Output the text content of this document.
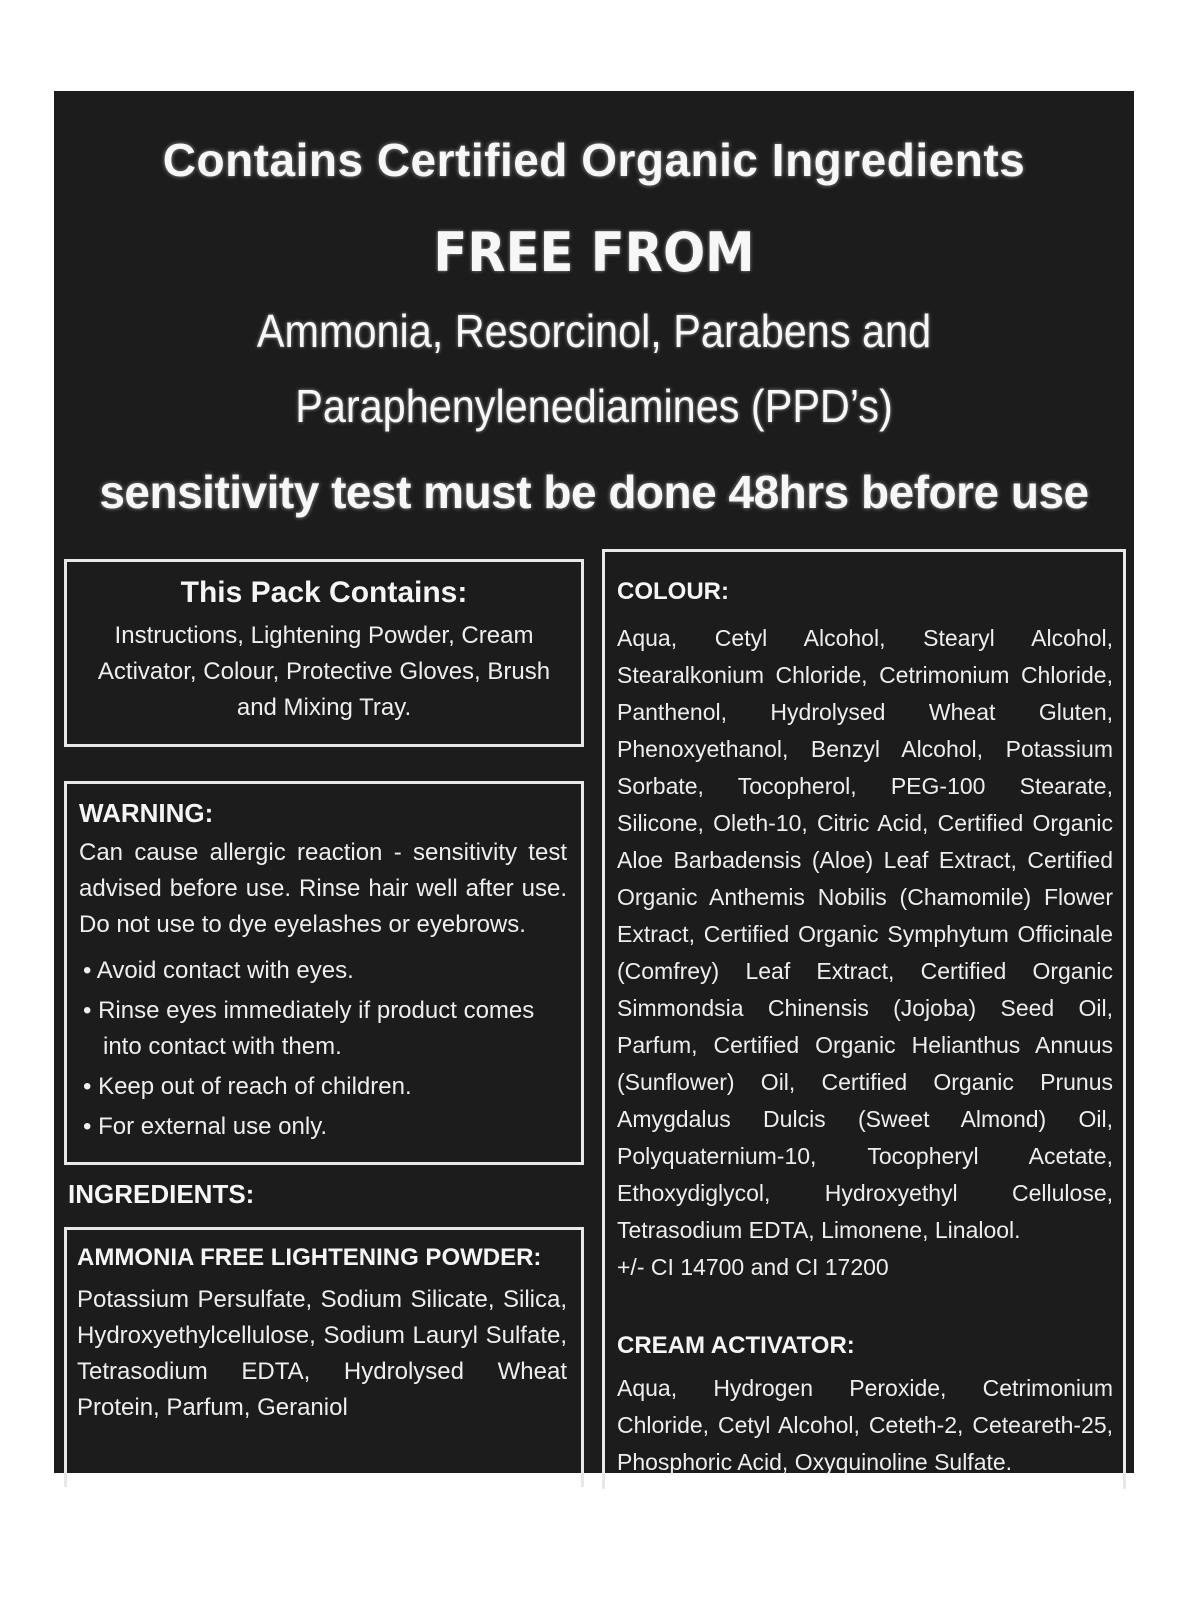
Contains Certified Organic Ingredients
FREE FROM
Ammonia, Resorcinol, Parabens and
Paraphenylenediamines (PPD’s)
sensitivity test must be done 48hrs before use
This Pack Contains:
Instructions, Lightening Powder, Cream Activator, Colour, Protective Gloves, Brush and Mixing Tray.
WARNING:
Can cause allergic reaction - sensitivity test advised before use. Rinse hair well after use. Do not use to dye eyelashes or eyebrows.
• Avoid contact with eyes.
• Rinse eyes immediately if product comes into contact with them.
• Keep out of reach of children.
• For external use only.
INGREDIENTS:
AMMONIA FREE LIGHTENING POWDER:
Potassium Persulfate, Sodium Silicate, Silica, Hydroxyethylcellulose, Sodium Lauryl Sulfate, Tetrasodium EDTA, Hydrolysed Wheat Protein, Parfum, Geraniol
COLOUR:
Aqua, Cetyl Alcohol, Stearyl Alcohol, Stearalkonium Chloride, Cetrimonium Chloride, Panthenol, Hydrolysed Wheat Gluten, Phenoxyethanol, Benzyl Alcohol, Potassium Sorbate, Tocopherol, PEG-100 Stearate, Silicone, Oleth-10, Citric Acid, Certified Organic Aloe Barbadensis (Aloe) Leaf Extract, Certified Organic Anthemis Nobilis (Chamomile) Flower Extract, Certified Organic Symphytum Officinale (Comfrey) Leaf Extract, Certified Organic Simmondsia Chinensis (Jojoba) Seed Oil, Parfum, Certified Organic Helianthus Annuus (Sunflower) Oil, Certified Organic Prunus Amygdalus Dulcis (Sweet Almond) Oil, Polyquaternium-10, Tocopheryl Acetate, Ethoxydiglycol, Hydroxyethyl Cellulose, Tetrasodium EDTA, Limonene, Linalool.
+/- CI 14700 and CI 17200
CREAM ACTIVATOR:
Aqua, Hydrogen Peroxide, Cetrimonium Chloride, Cetyl Alcohol, Ceteth-2, Ceteareth-25, Phosphoric Acid, Oxyquinoline Sulfate.
